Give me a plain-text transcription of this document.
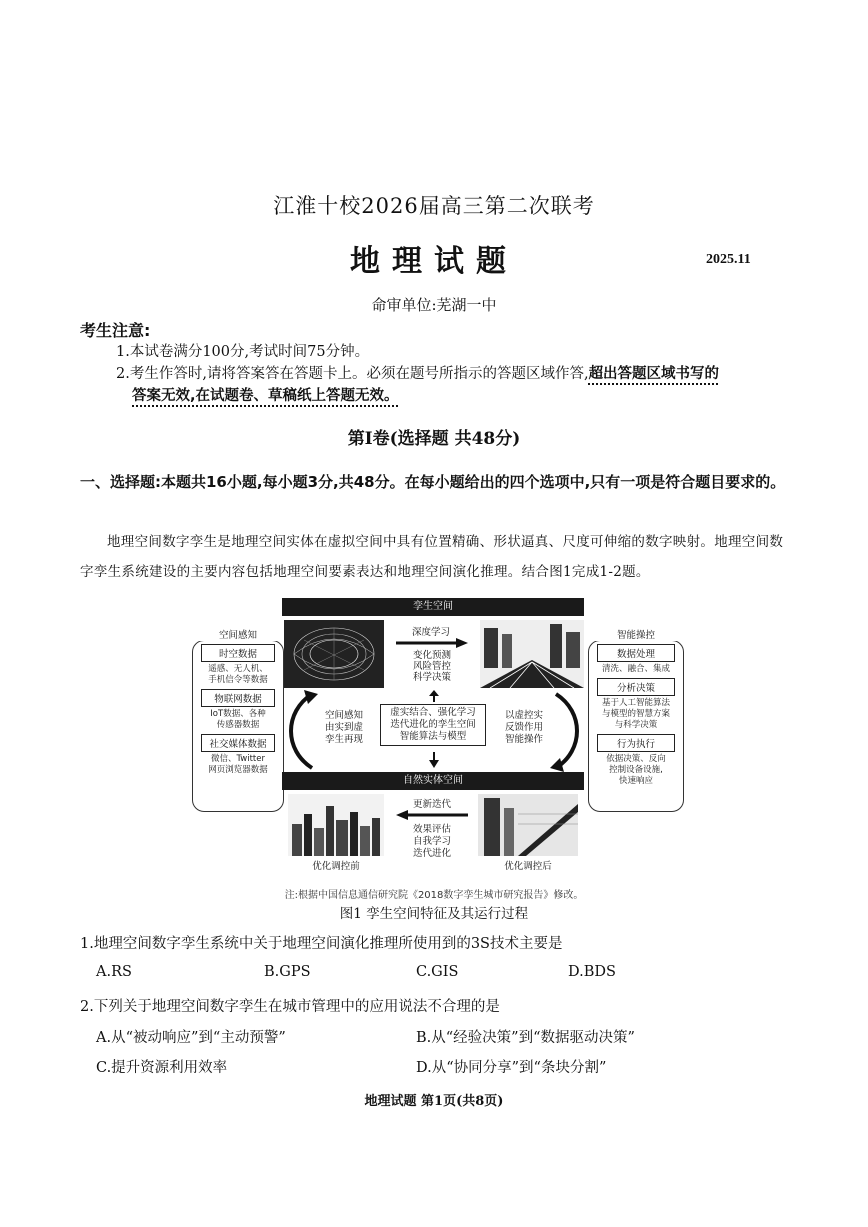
江淮十校2026届高三第二次联考
地理试题	2025.11
命审单位:芜湖一中
考生注意:
1.本试卷满分100分,考试时间75分钟。
2.考生作答时,请将答案答在答题卡上。必须在题号所指示的答题区域作答,超出答题区域书写的
答案无效,在试题卷、草稿纸上答题无效。
第Ⅰ卷(选择题 共48分)
一、选择题:本题共16小题,每小题3分,共48分。在每小题给出的四个选项中,只有一项是符合题目要求的。
地理空间数字孪生是地理空间实体在虚拟空间中具有位置精确、形状逼真、尺度可伸缩的数字映射。地理空间数字孪生系统建设的主要内容包括地理空间要素表达和地理空间演化推理。结合图1完成1-2题。
空间感知
时空数据
遥感、无人机、
手机信令等数据
物联网数据
IoT数据、各种
传感器数据
社交媒体数据
微信、Twitter
网页浏览器数据
智能操控
数据处理
清洗、融合、集成
分析决策
基于人工智能算法
与模型的智慧方案
与科学决策
行为执行
依据决策、反向
控制设备设施,
快速响应
孪生空间
深度学习
变化预测
风险管控
科学决策
空间感知
由实到虚
孪生再现
虚实结合、强化学习
迭代进化的孪生空间
智能算法与模型
以虚控实
反馈作用
智能操作
自然实体空间
更新迭代
效果评估
自我学习
迭代进化
优化调控前	优化调控后
注:根据中国信息通信研究院《2018数字孪生城市研究报告》修改。
图1 孪生空间特征及其运行过程
1.地理空间数字孪生系统中关于地理空间演化推理所使用到的3S技术主要是
A.RS	B.GPS	C.GIS	D.BDS
2.下列关于地理空间数字孪生在城市管理中的应用说法不合理的是
A.从“被动响应”到“主动预警”	B.从“经验决策”到“数据驱动决策”
C.提升资源利用效率	D.从“协同分享”到“条块分割”
地理试题 第1页(共8页)
